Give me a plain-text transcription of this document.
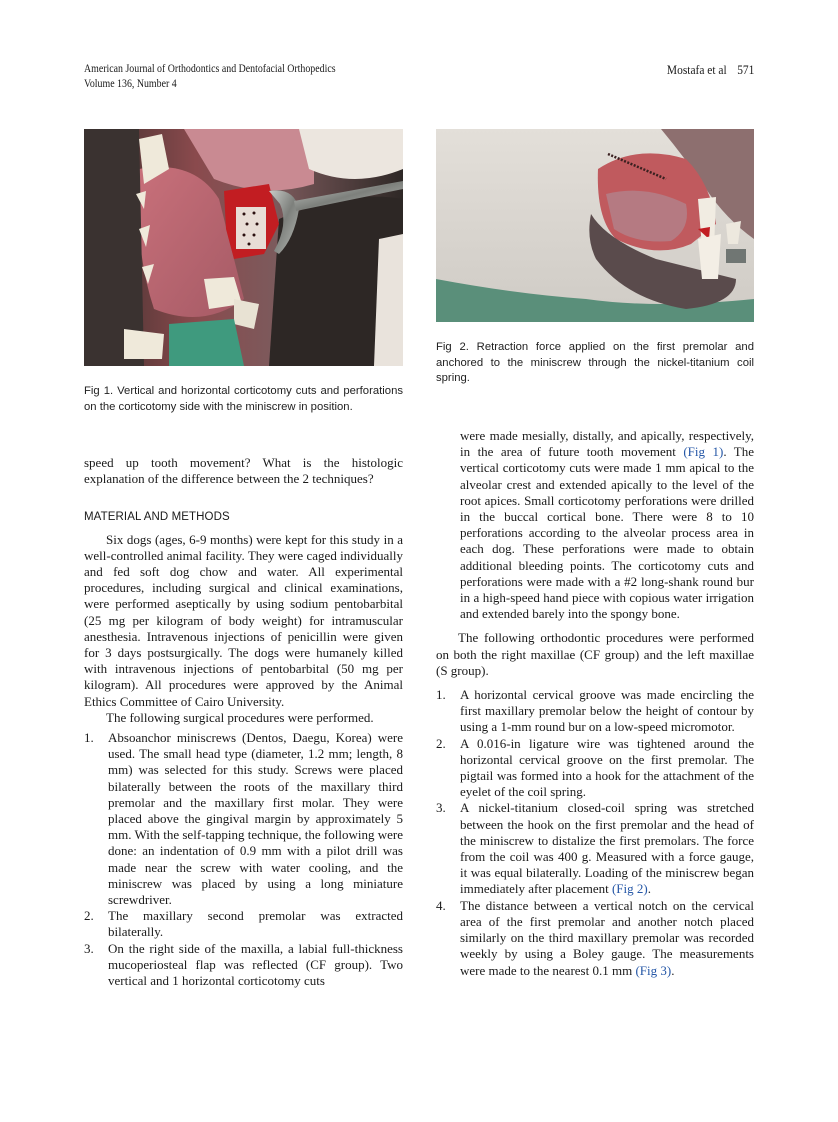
American Journal of Orthodontics and Dentofacial Orthopedics
Volume 136, Number 4
Mostafa et al 571
Fig 1. Vertical and horizontal corticotomy cuts and perforations on the corticotomy side with the miniscrew in position.
Fig 2. Retraction force applied on the first premolar and anchored to the miniscrew through the nickel-titanium coil spring.

speed up tooth movement? What is the histologic explanation of the difference between the 2 techniques?

MATERIAL AND METHODS

Six dogs (ages, 6-9 months) were kept for this study in a well-controlled animal facility. They were caged individually and fed soft dog chow and water. All experimental procedures, including surgical and clinical examinations, were performed aseptically by using sodium pentobarbital (25 mg per kilogram of body weight) for intramuscular anesthesia. Intravenous injections of penicillin were given for 3 days postsurgically. The dogs were humanely killed with intravenous injections of pentobarbital (50 mg per kilogram). All procedures were approved by the Animal Ethics Committee of Cairo University.

The following surgical procedures were performed.

1. Absoanchor miniscrews (Dentos, Daegu, Korea) were used. The small head type (diameter, 1.2 mm; length, 8 mm) was selected for this study. Screws were placed bilaterally between the roots of the maxillary third premolar and the maxillary first molar. They were placed above the gingival margin by approximately 5 mm. With the self-tapping technique, the following were done: an indentation of 0.9 mm with a pilot drill was made near the screw with water cooling, and the miniscrew was placed by using a long miniature screwdriver.
2. The maxillary second premolar was extracted bilaterally.
3. On the right side of the maxilla, a labial full-thickness mucoperiosteal flap was reflected (CF group). Two vertical and 1 horizontal corticotomy cuts

were made mesially, distally, and apically, respectively, in the area of future tooth movement (Fig 1). The vertical corticotomy cuts were made 1 mm apical to the alveolar crest and extended apically to the level of the root apices. Small corticotomy perforations were drilled in the buccal cortical bone. There were 8 to 10 perforations according to the alveolar process area in each dog. These perforations were made to obtain additional bleeding points. The corticotomy cuts and perforations were made with a #2 long-shank round bur in a high-speed hand piece with copious water irrigation and extended barely into the spongy bone.

The following orthodontic procedures were performed on both the right maxillae (CF group) and the left maxillae (S group).

1. A horizontal cervical groove was made encircling the first maxillary premolar below the height of contour by using a 1-mm round bur on a low-speed micromotor.
2. A 0.016-in ligature wire was tightened around the horizontal cervical groove on the first premolar. The pigtail was formed into a hook for the attachment of the eyelet of the coil spring.
3. A nickel-titanium closed-coil spring was stretched between the hook on the first premolar and the head of the miniscrew to distalize the first premolars. The force from the coil was 400 g. Measured with a force gauge, it was equal bilaterally. Loading of the miniscrew began immediately after placement (Fig 2).
4. The distance between a vertical notch on the cervical area of the first premolar and another notch placed similarly on the third maxillary premolar was recorded weekly by using a Boley gauge. The measurements were made to the nearest 0.1 mm (Fig 3).
